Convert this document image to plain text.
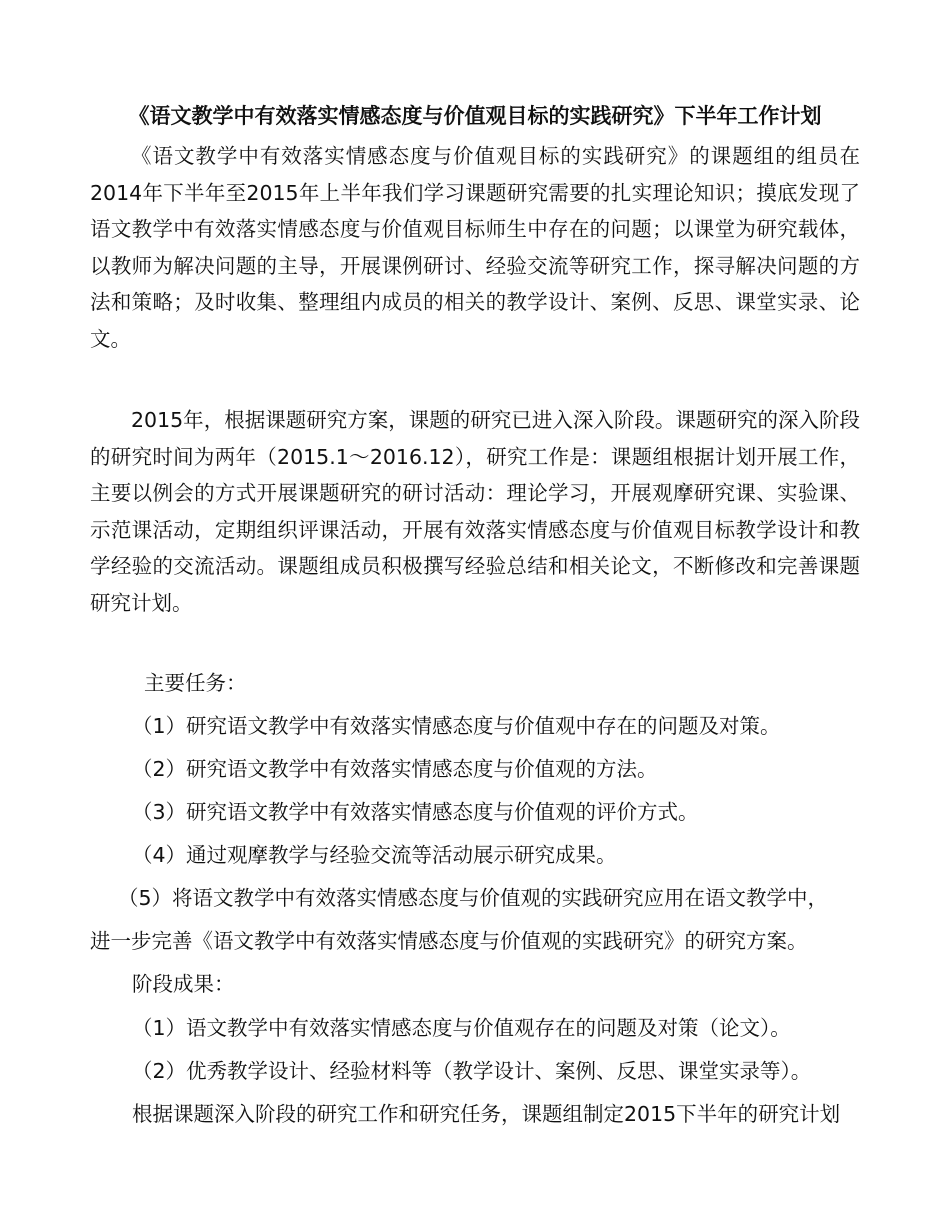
《语文教学中有效落实情感态度与价值观目标的实践研究》下半年工作计划
《语文教学中有效落实情感态度与价值观目标的实践研究》的课题组的组员在2014年下半年至2015年上半年我们学习课题研究需要的扎实理论知识；摸底发现了语文教学中有效落实情感态度与价值观目标师生中存在的问题；以课堂为研究载体，以教师为解决问题的主导，开展课例研讨、经验交流等研究工作，探寻解决问题的方法和策略；及时收集、整理组内成员的相关的教学设计、案例、反思、课堂实录、论文。
2015年，根据课题研究方案，课题的研究已进入深入阶段。课题研究的深入阶段的研究时间为两年（2015.1～2016.12），研究工作是：课题组根据计划开展工作，主要以例会的方式开展课题研究的研讨活动：理论学习，开展观摩研究课、实验课、示范课活动，定期组织评课活动，开展有效落实情感态度与价值观目标教学设计和教学经验的交流活动。课题组成员积极撰写经验总结和相关论文，不断修改和完善课题研究计划。
主要任务：
（1）研究语文教学中有效落实情感态度与价值观中存在的问题及对策。
（2）研究语文教学中有效落实情感态度与价值观的方法。
（3）研究语文教学中有效落实情感态度与价值观的评价方式。
（4）通过观摩教学与经验交流等活动展示研究成果。
（5）将语文教学中有效落实情感态度与价值观的实践研究应用在语文教学中，
进一步完善《语文教学中有效落实情感态度与价值观的实践研究》的研究方案。
阶段成果：
（1）语文教学中有效落实情感态度与价值观存在的问题及对策（论文）。
（2）优秀教学设计、经验材料等（教学设计、案例、反思、课堂实录等）。
根据课题深入阶段的研究工作和研究任务，课题组制定2015下半年的研究计划
